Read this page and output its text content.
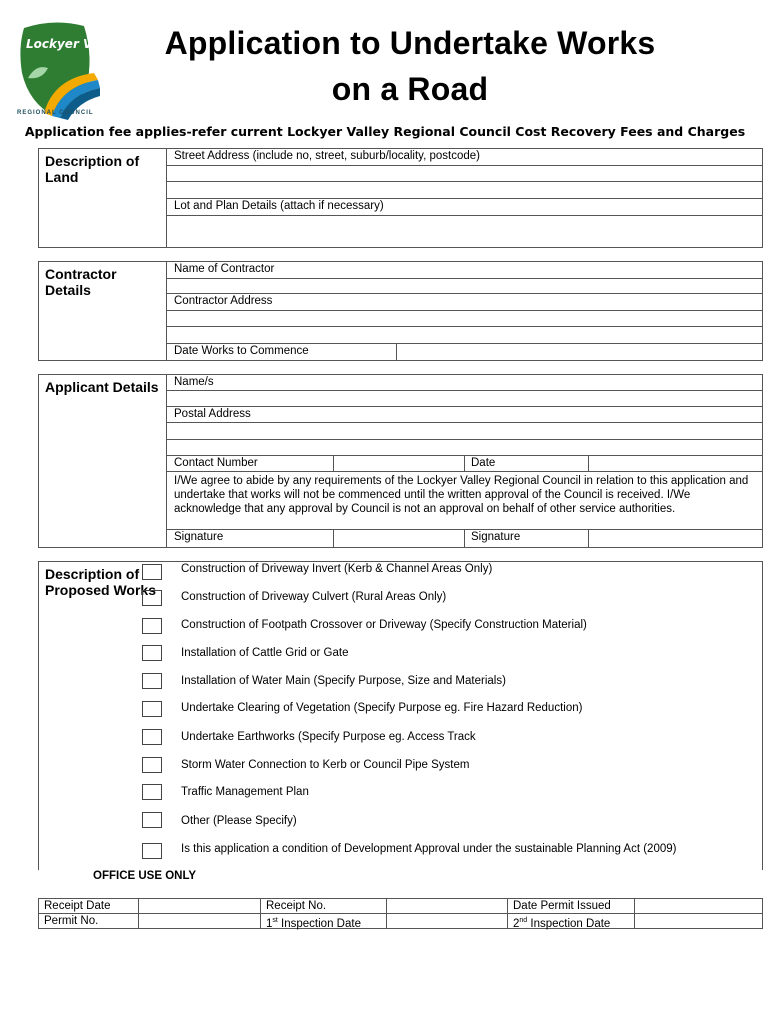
Lockyer Valley
REGIONAL COUNCIL
Application to Undertake Works
on a Road
Application fee applies-refer current Lockyer Valley Regional Council Cost Recovery Fees and Charges
Description of Land
Street Address (include no, street, suburb/locality, postcode)
Lot and Plan Details (attach if necessary)
Contractor Details
Name of Contractor
Contractor Address
Date Works to Commence
Applicant Details	Name/s
Postal Address
Contact Number	Date
I/We agree to abide by any requirements of the Lockyer Valley Regional Council in relation to this application and undertake that works will not be commenced until the written approval of the Council is received. I/We acknowledge that any approval by Council is not an approval on behalf of other service authorities.
Signature	Signature
Description of Proposed Works
Construction of Driveway Invert (Kerb & Channel Areas Only)
Construction of Driveway Culvert (Rural Areas Only)
Construction of Footpath Crossover or Driveway (Specify Construction Material)
Installation of Cattle Grid or Gate
Installation of Water Main (Specify Purpose, Size and Materials)
Undertake Clearing of Vegetation (Specify Purpose eg. Fire Hazard Reduction)
Undertake Earthworks (Specify Purpose eg. Access Track
Storm Water Connection to Kerb or Council Pipe System
Traffic Management Plan
Other (Please Specify)
Is this application a condition of Development Approval under the sustainable Planning Act (2009)
OFFICE USE ONLY
Receipt Date	Receipt No.	Date Permit Issued
Permit No.	1st Inspection Date	2nd Inspection Date
